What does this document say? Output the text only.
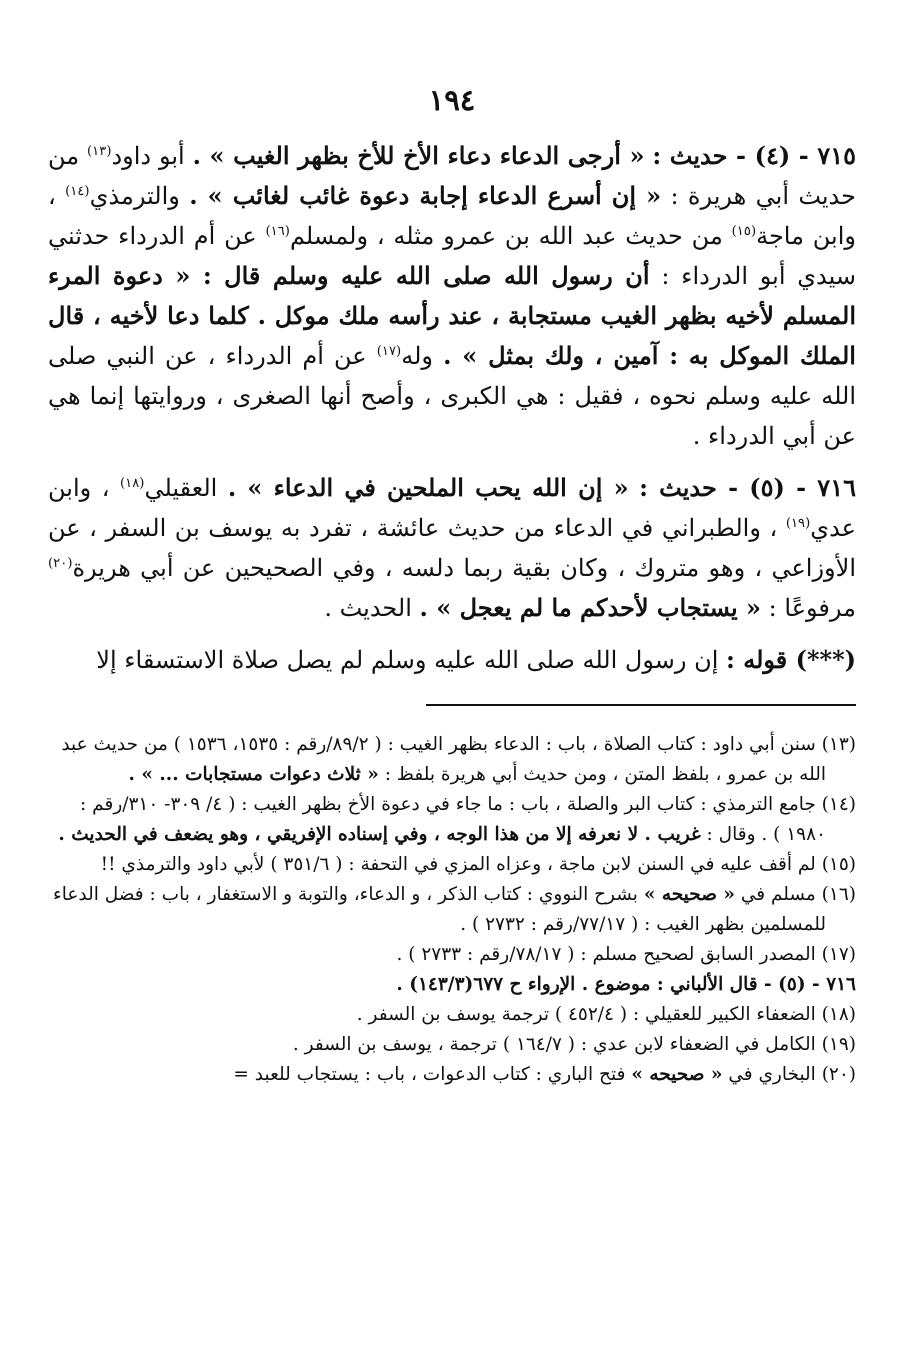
١٩٤

٧١٥ - (٤) - حديث : « أرجى الدعاء دعاء الأخ للأخ بظهر الغيب » . أبو داود$^{(١٣)}$ من حديث أبي هريرة : « إن أسرع الدعاء إجابة دعوة غائب لغائب » . والترمذي$^{(١٤)}$ ، وابن ماجة$^{(١٥)}$ من حديث عبد الله بن عمرو مثله ، ولمسلم$^{(١٦)}$ عن أم الدرداء حدثني سيدي أبو الدرداء : أن رسول الله صلى الله عليه وسلم قال : « دعوة المرء المسلم لأخيه بظهر الغيب مستجابة ، عند رأسه ملك موكل . كلما دعا لأخيه ، قال الملك الموكل به : آمين ، ولك بمثل » . وله$^{(١٧)}$ عن أم الدرداء ، عن النبي صلى الله عليه وسلم نحوه ، فقيل : هي الكبرى ، وأصح أنها الصغرى ، وروايتها إنما هي عن أبي الدرداء .

٧١٦ - (٥) - حديث : « إن الله يحب الملحين في الدعاء » . العقيلي$^{(١٨)}$ ، وابن عدي$^{(١٩)}$ ، والطبراني في الدعاء من حديث عائشة ، تفرد به يوسف بن السفر ، عن الأوزاعي ، وهو متروك ، وكان بقية ربما دلسه ، وفي الصحيحين عن أبي هريرة$^{(٢٠)}$ مرفوعًا : « يستجاب لأحدكم ما لم يعجل » . الحديث .

(***) قوله : إن رسول الله صلى الله عليه وسلم لم يصل صلاة الاستسقاء إلا

(١٣) سنن أبي داود : كتاب الصلاة ، باب : الدعاء بظهر الغيب : ( ٨٩/٢/رقم : ١٥٣٥، ١٥٣٦ ) من حديث عبد الله بن عمرو ، بلفظ المتن ، ومن حديث أبي هريرة بلفظ : « ثلاث دعوات مستجابات ... » .

(١٤) جامع الترمذي : كتاب البر والصلة ، باب : ما جاء في دعوة الأخ بظهر الغيب : ( ٤/ ٣٠٩- ٣١٠/رقم : ١٩٨٠ ) . وقال : غريب . لا نعرفه إلا من هذا الوجه ، وفي إسناده الإفريقي ، وهو يضعف في الحديث .

(١٥) لم أقف عليه في السنن لابن ماجة ، وعزاه المزي في التحفة : ( ٣٥١/٦ ) لأبي داود والترمذي !!

(١٦) مسلم في « صحيحه » بشرح النووي : كتاب الذكر ، و الدعاء، والتوبة و الاستغفار ، باب : فضل الدعاء للمسلمين بظهر الغيب : ( ٧٧/١٧/رقم : ٢٧٣٢ ) .

(١٧) المصدر السابق لصحيح مسلم : ( ٧٨/١٧/رقم : ٢٧٣٣ ) .

٧١٦ - (٥) - قال الألباني : موضوع . الإرواء ح ٦٧٧(١٤٣/٣) .

(١٨) الضعفاء الكبير للعقيلي : ( ٤٥٢/٤ ) ترجمة يوسف بن السفر .

(١٩) الكامل في الضعفاء لابن عدي : ( ١٦٤/٧ ) ترجمة ، يوسف بن السفر .

(٢٠) البخاري في « صحيحه » فتح الباري : كتاب الدعوات ، باب : يستجاب للعبد =
